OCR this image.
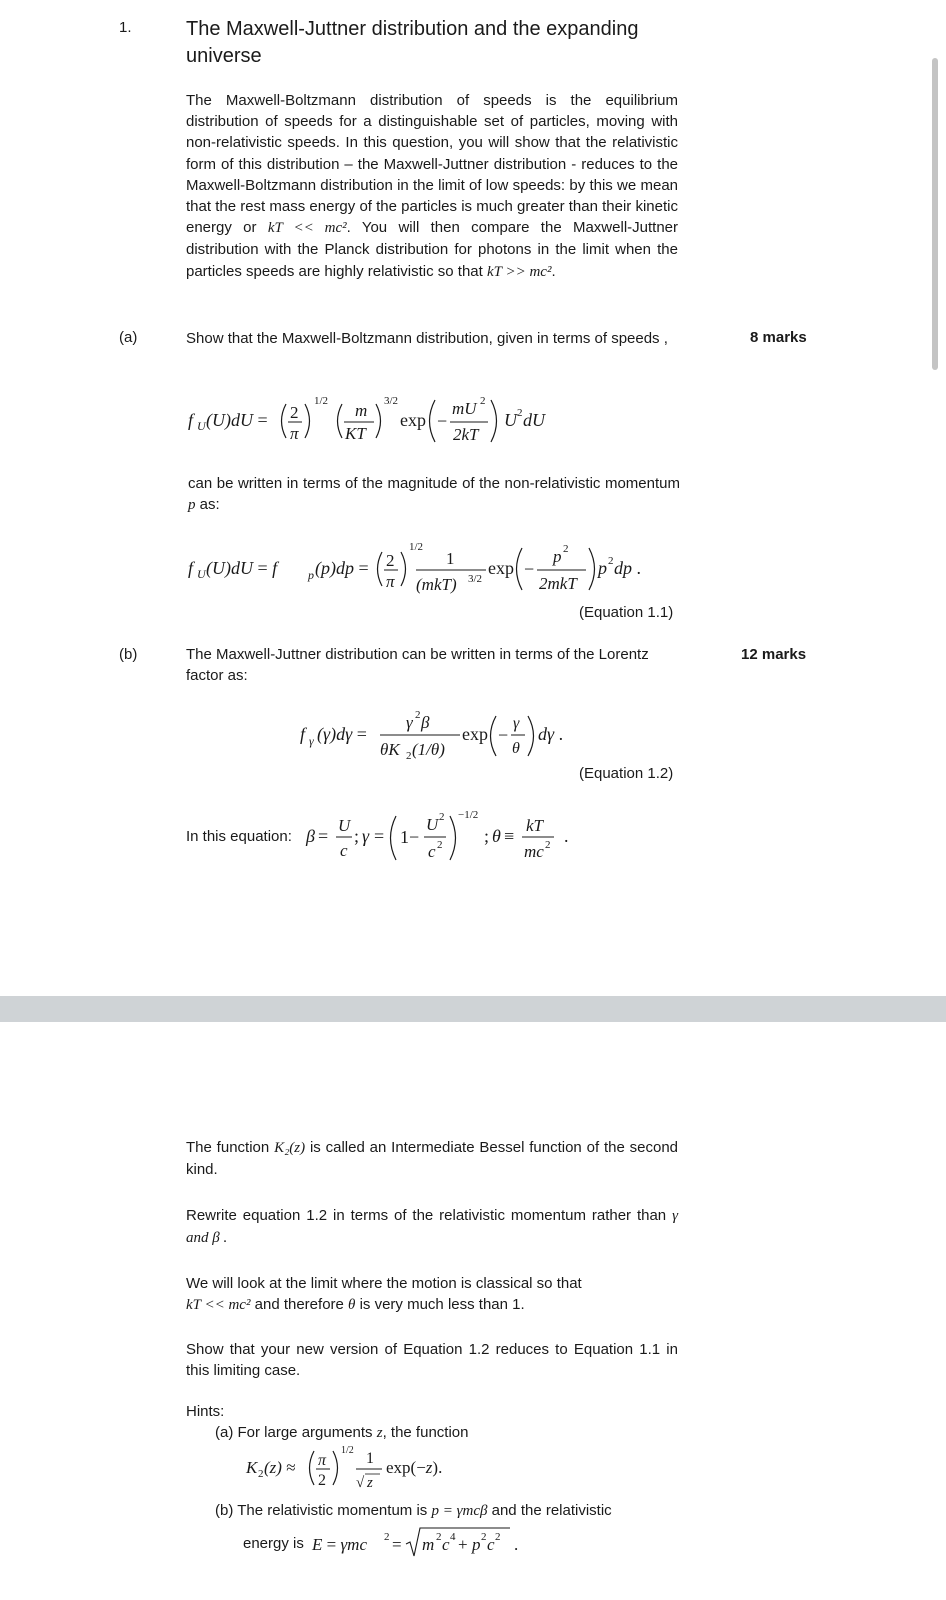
1.	The Maxwell-Juttner distribution and the expanding universe
The Maxwell-Boltzmann distribution of speeds is the equilibrium distribution of speeds for a distinguishable set of particles, moving with non-relativistic speeds. In this question, you will show that the relativistic form of this distribution – the Maxwell-Juttner distribution - reduces to the Maxwell-Boltzmann distribution in the limit of low speeds: by this we mean that the rest mass energy of the particles is much greater than their kinetic energy or kT << mc². You will then compare the Maxwell-Juttner distribution with the Planck distribution for photons in the limit when the particles speeds are highly relativistic so that kT >> mc².
(a)	8 marks
Show that the Maxwell-Boltzmann distribution, given in terms of speeds ,
f U (U)dU = 2
π
1/2 m
KT
3/2
exp −
mU 2
2kT
U 2 dU
can be written in terms of the magnitude of the non-relativistic momentum p as:
f U (U)dU = f	p (p)dp = 2
π
1/2
1
(mkT) 3/2
exp −
p 2
2mkT
p 2 dp .
(Equation 1.1)
(b)	12 marks
The Maxwell-Juttner distribution can be written in terms of the Lorentz factor as:
f γ (γ)dγ =
γ 2 β
θK 2 (1/θ)
exp −
γ
θ
dγ .
(Equation 1.2)
In this equation: β =
U
c
; γ = 1−
U 2
c 2
−1/2
; θ ≡
kT
mc 2 .
The function K₂(z) is called an Intermediate Bessel function of the second kind.
Rewrite equation 1.2 in terms of the relativistic momentum rather than γ and β .
We will look at the limit where the motion is classical so that
kT << mc² and therefore θ is very much less than 1.
Show that your new version of Equation 1.2 reduces to Equation 1.1 in this limiting case.
Hints:
(a) For large arguments z, the function
K 2 (z) ≈ π
2
1/2 1
√ z
exp(−z).
(b) The relativistic momentum is p = γmcβ and the relativistic
energy is E = γmc 2 = m 2 c 4 + p 2 c 2 .
